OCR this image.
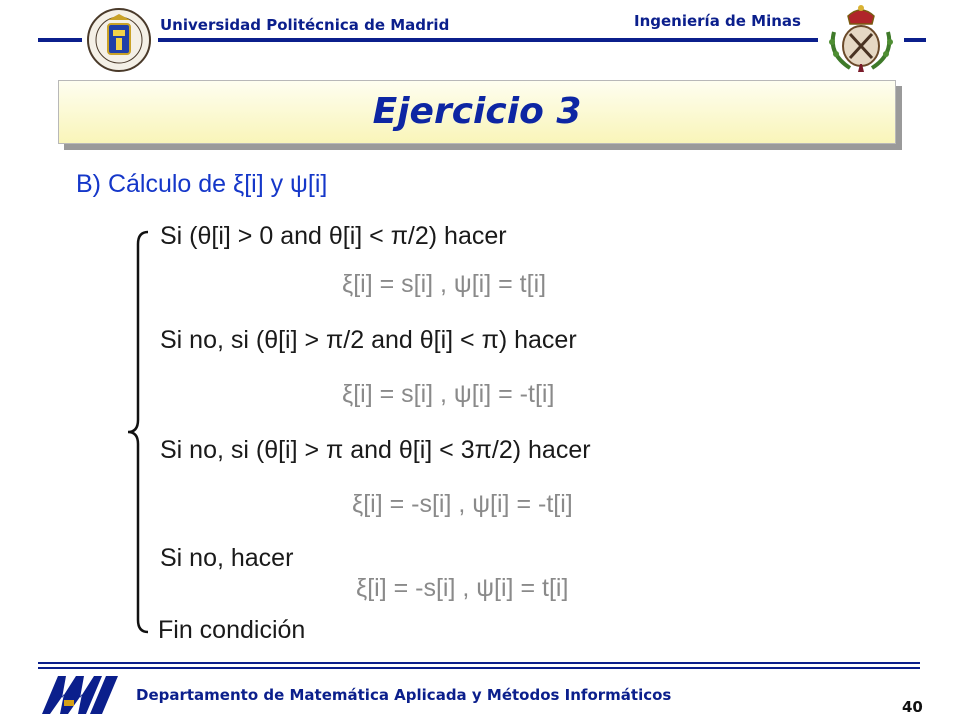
Universidad Politécnica de Madrid	Ingeniería de Minas
Ejercicio 3
B) Cálculo de ξ[i] y ψ[i]
Si (θ[i] > 0 and θ[i] < π/2) hacer
ξ[i] = s[i] , ψ[i] = t[i]
Si no, si (θ[i] > π/2 and θ[i] < π) hacer
ξ[i] = s[i] , ψ[i] = -t[i]
Si no, si (θ[i] > π and θ[i] < 3π/2) hacer
ξ[i] = -s[i] , ψ[i] = -t[i]
Si no, hacer
ξ[i] = -s[i] , ψ[i] = t[i]
Fin condición
Departamento de Matemática Aplicada y Métodos Informáticos
40
